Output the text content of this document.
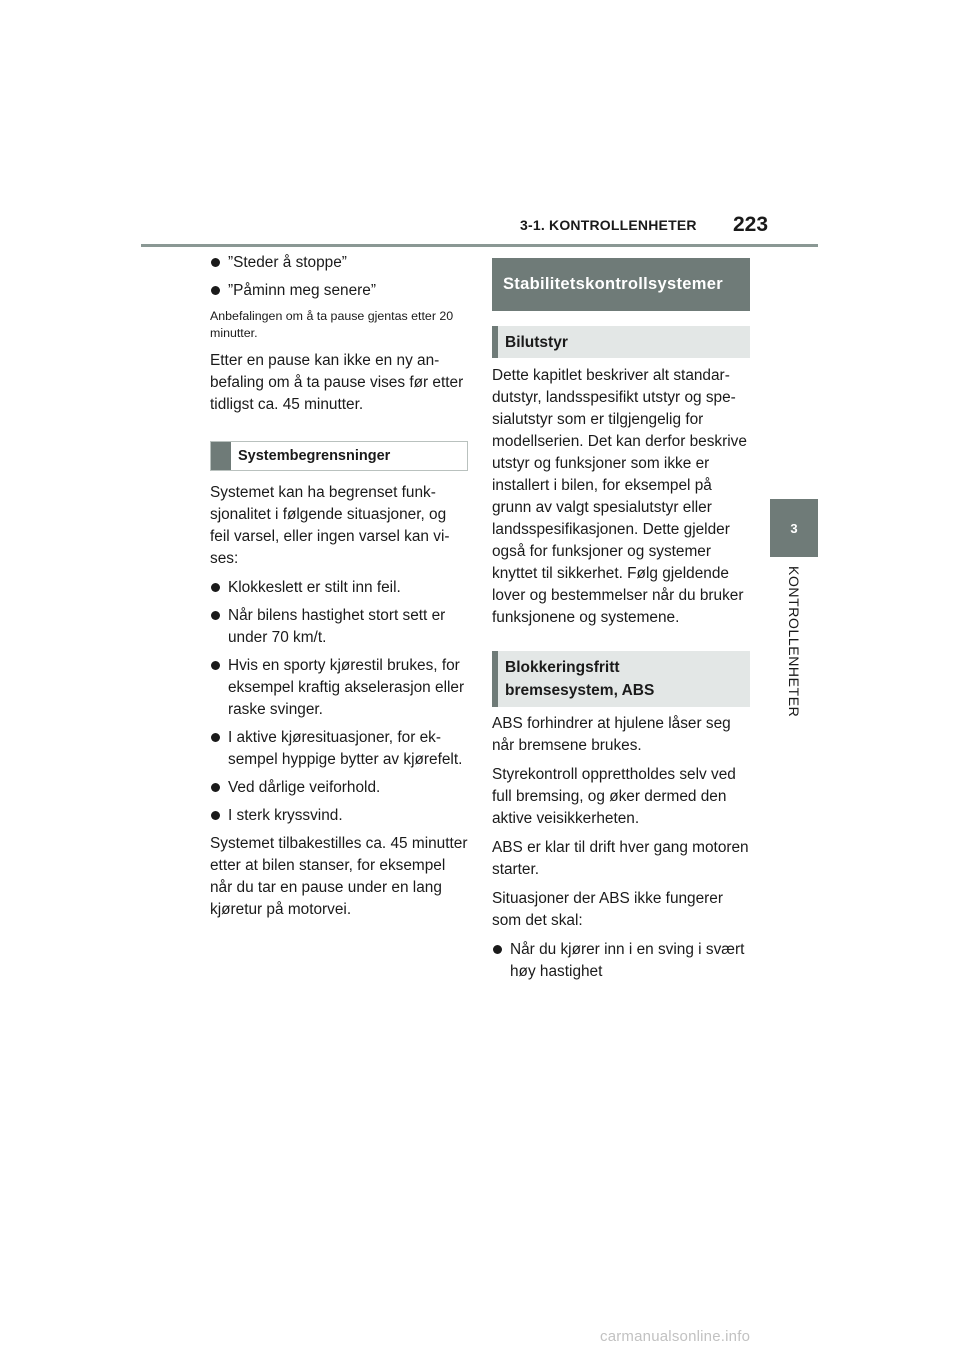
3-1. KONTROLLENHETER 223
3
KONTROLLENHETER
”Steder å stoppe”
”Påminn meg senere”

Anbefalingen om å ta pause gjentas etter 20 minutter.

Etter en pause kan ikke en ny anbefaling om å ta pause vises før etter tidligst ca. 45 minutter.

Systembegrensninger

Systemet kan ha begrenset funksjonalitet i følgende situasjoner, og feil varsel, eller ingen varsel kan vises:

Klokkeslett er stilt inn feil.
Når bilens hastighet stort sett er under 70 km/t.
Hvis en sporty kjørestil brukes, for eksempel kraftig akselerasjon eller raske svinger.
I aktive kjøresituasjoner, for eksempel hyppige bytter av kjørefelt.
Ved dårlige veiforhold.
I sterk kryssvind.

Systemet tilbakestilles ca. 45 minutter etter at bilen stanser, for eksempel når du tar en pause under en lang kjøretur på motorvei.

Stabilitetskontrollsystemer
Bilutstyr

Dette kapitlet beskriver alt standardutstyr, landsspesifikt utstyr og spesialutstyr som er tilgjengelig for modellserien. Det kan derfor beskrive utstyr og funksjoner som ikke er installert i bilen, for eksempel på grunn av valgt spesialutstyr eller landsspesifikasjonen. Dette gjelder også for funksjoner og systemer knyttet til sikkerhet. Følg gjeldende lover og bestemmelser når du bruker funksjonene og systemene.

Blokkeringsfritt bremsesystem, ABS

ABS forhindrer at hjulene låser seg når bremsene brukes.

Styrekontroll opprettholdes selv ved full bremsing, og øker dermed den aktive veisikkerheten.

ABS er klar til drift hver gang motoren starter.

Situasjoner der ABS ikke fungerer som det skal:

Når du kjører inn i en sving i svært høy hastighet
carmanualsonline.info
